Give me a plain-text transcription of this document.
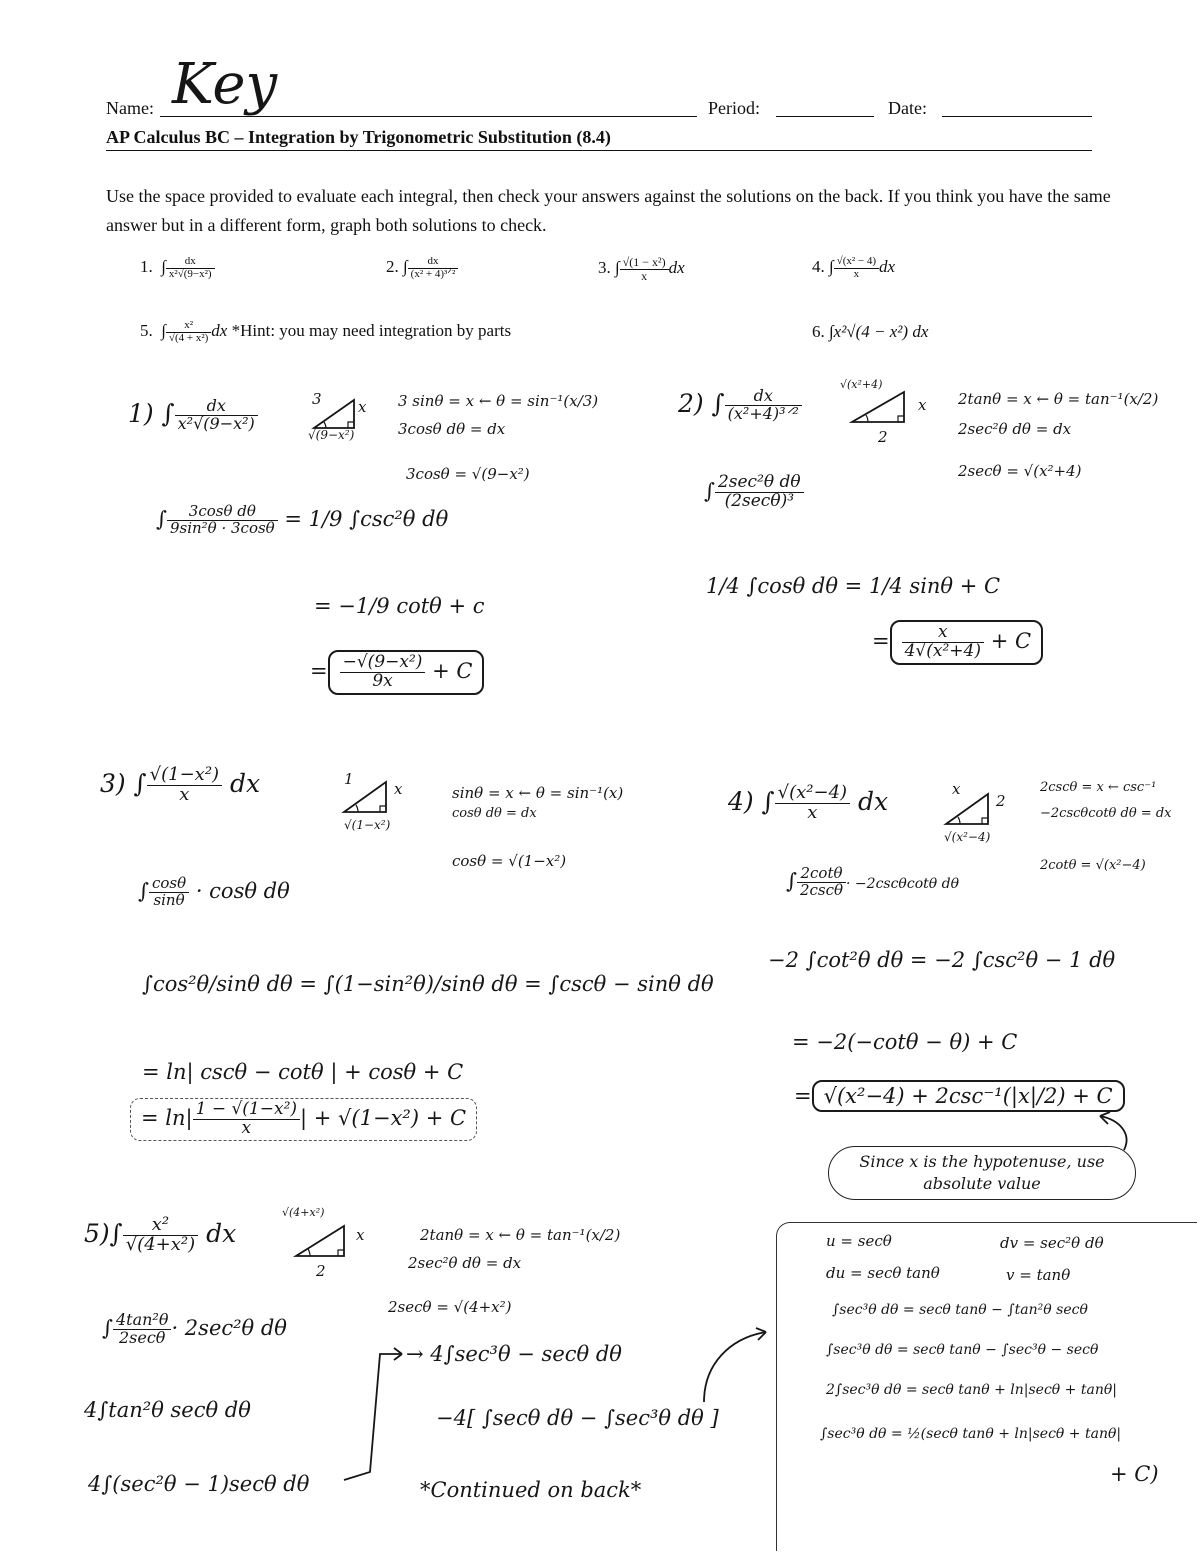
Name: Key	Period:	Date:
AP Calculus BC – Integration by Trigonometric Substitution (8.4)
Use the space provided to evaluate each integral, then check your answers against the solutions on the back. If you think you have the same answer but in a different form, graph both solutions to check.
1.  ∫ $\frac{dx}{\text{x²√(9−x²)}}$	2. ∫ $\frac{dx}{\text{(x² + 4)³ᐟ²}}$	3. ∫ $\frac{\text{√(1 − x²)}}{x}$ dx	4. ∫ $\frac{\text{√(x² − 4)}}{x}$ dx
5.  ∫ $\frac{\text{x²}}{\text{√(4 + x²)}}$ dx *Hint: you may need integration by parts	6. ∫x²√(4 − x²) dx
1) ∫ $\frac{dx}{\text{x²√(9−x²)}}$	3 x
√(9−x²)
3 sinθ = x ← θ = sin⁻¹(x/3)
3cosθ dθ = dx
3cosθ = √(9−x²)
∫ $\frac{\text{3cosθ dθ}}{\text{9sin²θ · 3cosθ}} = 1/9$ ∫csc²θ dθ
= −1/9 cotθ + c
= $\frac{\text{−√(9−x²)}}{9x} + C$
2) ∫ $\frac{dx}{\text{(x²+4)³ᐟ²}}$
√(x²+4)
x
2
2tanθ = x ← θ = tan⁻¹(x/2)
2sec²θ dθ = dx
2secθ = √(x²+4)
∫ $\frac{\text{2sec²θ dθ}}{\text{(2secθ)³}}$
1/4 ∫cosθ dθ = 1/4 sinθ + C
= $\frac{x}{\text{4√(x²+4)}} + C$
3) ∫ $\frac{\text{√(1−x²)}}{x}$ dx	1
x
√(1−x²)
sinθ = x ← θ = sin⁻¹(x)
cosθ dθ = dx
cosθ = √(1−x²)
∫ $\frac{\cos\theta}{\sin\theta} \cdot \cos\theta$ dθ
∫cos²θ/sinθ dθ = ∫(1−sin²θ)/sinθ dθ = ∫cscθ − sinθ dθ
= ln| cscθ − cotθ | + cosθ + C
= $\ln| \frac{\text{1 − √(1−x²)}}{x}$ | + √(1−x²) + C
4) ∫ $\frac{\text{√(x²−4)}}{x}$ dx	x
2
√(x²−4)
2cscθ = x ← csc⁻¹
−2cscθcotθ dθ = dx
2cotθ = √(x²−4)
∫ $\frac{2\cot\theta}{2\csc\theta} \cdot -2\csc\theta\cot\theta$ dθ
−2 ∫cot²θ dθ = −2 ∫csc²θ − 1 dθ
= −2(−cotθ − θ) + C
= √(x²−4) + 2csc⁻¹(|x|/2) + C
Since x is the hypotenuse, use absolute value
$5)\int \frac{\text{x²}}{\text{√(4+x²)}}$ dx
√(4+x²)
x
2
2tanθ = x ← θ = tan⁻¹(x/2)
2sec²θ dθ = dx
2secθ = √(4+x²)
∫ $\frac{\text{4tan²θ}}{2\sec\theta} \cdot 2\sec^2\theta$ dθ
4∫tan²θ secθ dθ
4∫(sec²θ − 1)secθ dθ
→ 4∫sec³θ − secθ dθ
−4[ ∫secθ dθ − ∫sec³θ dθ ]
*Continued on back*
u = secθ	dv = sec²θ dθ
du = secθ tanθ	v = tanθ
∫sec³θ dθ = secθ tanθ − ∫tan²θ secθ
∫sec³θ dθ = secθ tanθ − ∫sec³θ − secθ
2∫sec³θ dθ = secθ tanθ + ln|secθ + tanθ|
∫sec³θ dθ = ½(secθ tanθ + ln|secθ + tanθ|
+ C)
